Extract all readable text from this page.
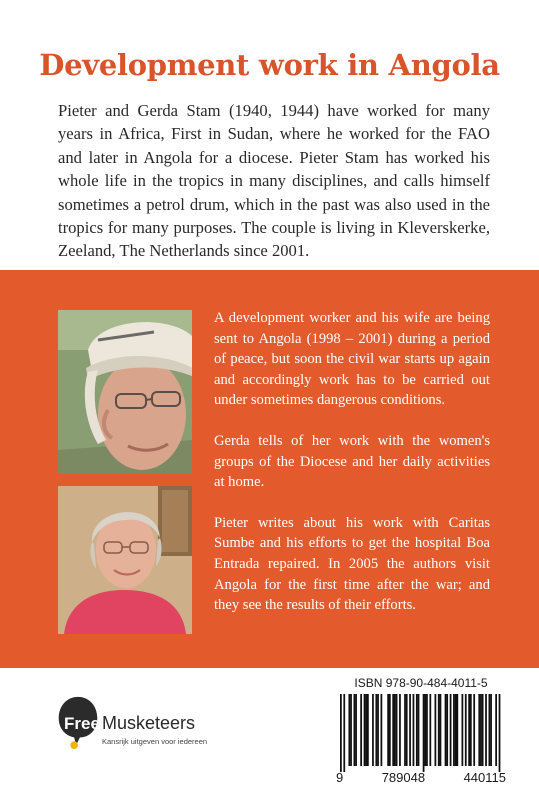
Development work in Angola
Pieter and Gerda Stam (1940, 1944) have worked for many years in Africa, First in Sudan, where he worked for the FAO and later in Angola for a diocese. Pieter Stam has worked his whole life in the tropics in many disciplines, and calls himself sometimes a petrol drum, which in the past was also used in the tropics for many purposes. The couple is living in Kleverskerke, Zeeland, The Netherlands since 2001.

A development worker and his wife are being sent to Angola (1998 – 2001) during a period of peace, but soon the civil war starts up again and accordingly work has to be carried out under sometimes dangerous conditions.

Gerda tells of her work with the women's groups of the Diocese and her daily activities at home.

Pieter writes about his work with Caritas Sumbe and his efforts to get the hospital Boa Entrada repaired. In 2005 the authors visit Angola for the first time after the war; and they see the results of their efforts.

Free Musketeers
Kansrijk uitgeven voor iedereen
ISBN 978-90-484-4011-5
9	789048	440115
